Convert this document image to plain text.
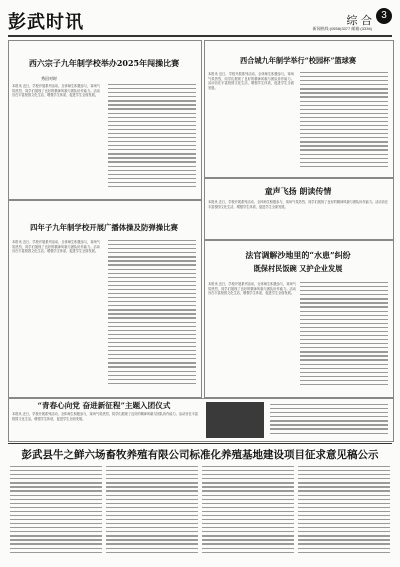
彭武时讯	综 合 3
新闻热线:(0558)3377 邮箱:(3336)
西六宗子九年制学校举办2025年闯操比赛
秀田对时
本报讯 近日，学校开展系列活动，全体师生积极参与，赛场气氛热烈，同学们展现了良好的精神风貌与团队协作能力。活动旨在丰富校园文化生活，增强学生体质，促进学生全面发展。
四年子九年制学校开展广播体操及防弹操比赛
本报讯 近日，学校开展系列活动，全体师生积极参与，赛场气氛热烈，同学们展现了良好的精神风貌与团队协作能力。活动旨在丰富校园文化生活，增强学生体质，促进学生全面发展。
西合城九年制学举行“校园杯”篮球赛
本报讯 近日，学校开展系列活动，全体师生积极参与，赛场气氛热烈，同学们展现了良好的精神风貌与团队协作能力。活动旨在丰富校园文化生活，增强学生体质，促进学生全面发展。
童声飞扬 朗读传情
本报讯 近日，学校开展系列活动，全体师生积极参与，赛场气氛热烈，同学们展现了良好的精神风貌与团队协作能力。活动旨在丰富校园文化生活，增强学生体质，促进学生全面发展。
法官调解沙地里的“水患”纠纷
既保村民饭碗 又护企业发展
本报讯 近日，学校开展系列活动，全体师生积极参与，赛场气氛热烈，同学们展现了良好的精神风貌与团队协作能力。活动旨在丰富校园文化生活，增强学生体质，促进学生全面发展。
“青春心向党 奋进新征程”主题入团仪式
本报讯 近日，学校开展系列活动，全体师生积极参与，赛场气氛热烈，同学们展现了良好的精神风貌与团队协作能力。活动旨在丰富校园文化生活，增强学生体质，促进学生全面发展。
彭武县牛之鲜六场畜牧养殖有限公司标准化养殖基地建设项目征求意见稿公示
